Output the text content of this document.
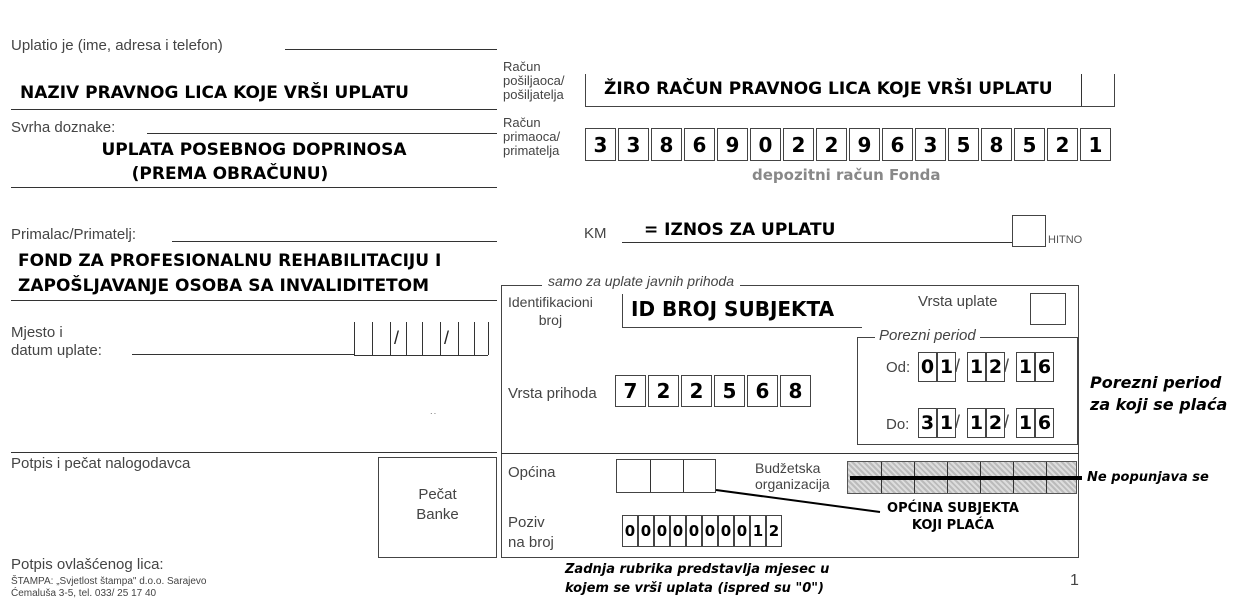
Uplatio je (ime, adresa i telefon)
NAZIV PRAVNOG LICA KOJE VRŠI UPLATU
Svrha doznake:
UPLATA POSEBNOG DOPRINOSA
(PREMA OBRAČUNU)
Primalac/Primatelj:
FOND ZA PROFESIONALNU REHABILITACIJU I
ZAPOŠLJAVANJE OSOBA SA INVALIDITETOM
Mjesto i
datum uplate:
/ /
˙˙
Potpis i pečat nalogodavca
Pečat
Banke
Potpis ovlašćenog lica:
ŠTAMPA: „Svjetlost štampa" d.o.o. Sarajevo
Ćemaluša 3-5, tel. 033/ 25 17 40
Račun
pošiljaoca/
pošiljatelja ŽIRO RAČUN PRAVNOG LICA KOJE VRŠI UPLATU
Račun
primaoca/
primatelja	3 3 8 6 9 0 2 2 9 6 3 5 8 5 2 1
depozitni račun Fonda
KM = IZNOS ZA UPLATU	HITNO
samo za uplate javnih prihoda
Identifikacioni
broj	ID BROJ SUBJEKTA	Vrsta uplate
Porezni period
Od: 0 1 / 1 2 / 1 6
Do: 3 1 / 1 2 / 1 6
Vrsta prihoda	7 2 2 5 6 8
Općina	Budžetska
organizacija	Ne popunjava se
Poziv
na broj
0 0 0 0 0 0 0 0 1 2
OPĆINA SUBJEKTA
KOJI PLAĆA
Porezni period
za koji se plaća
Zadnja rubrika predstavlja mjesec u
kojem se vrši uplata (ispred su "0")	1
